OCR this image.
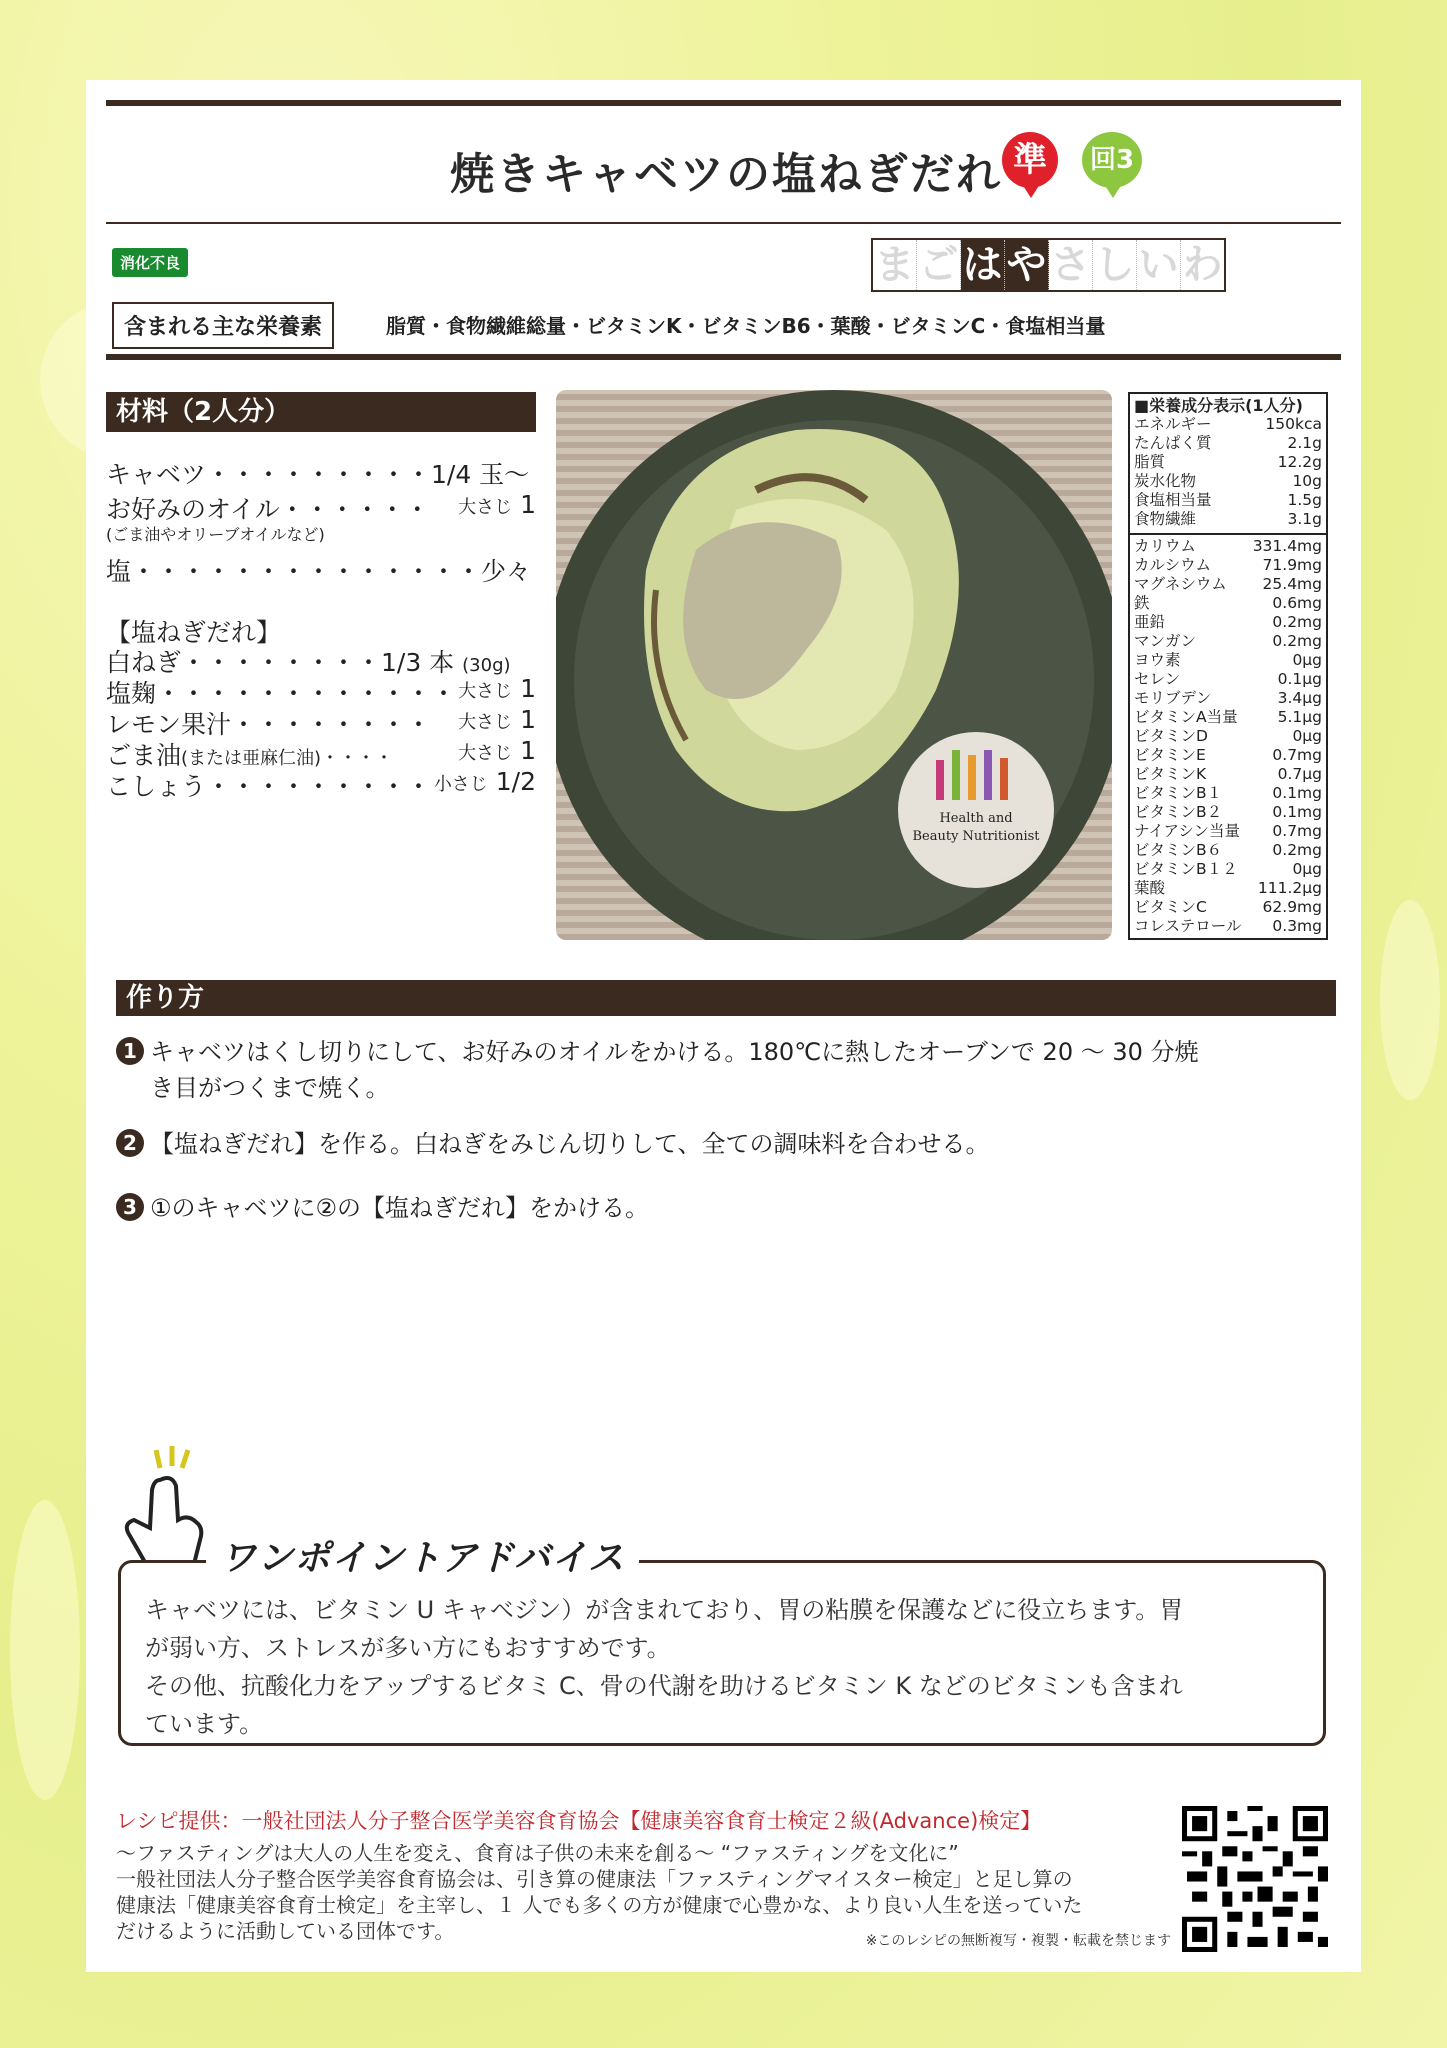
焼きキャベツの塩ねぎだれ 準	回3
消化不良	ま ご は や さ し い わ
含まれる主な栄養素	脂質・食物繊維総量・ビタミンK・ビタミンB6・葉酸・ビタミンC・食塩相当量
材料（2人分）
キャベツ・・・・・・・・・1/4 玉〜
お好みのオイル・・・・・・ 大さじ 1
(ごま油やオリーブオイルなど)
塩・・・・・・・・・・・・・・少々
【塩ねぎだれ】
白ねぎ・・・・・・・・1/3 本 (30g)
塩麹・・・・・・・・・・・・ 大さじ 1
レモン果汁・・・・・・・・ 大さじ 1
ごま油(または亜麻仁油)・・・・	大さじ 1
こしょう・・・・・・・・・ 小さじ 1/2
Health and
Beauty Nutritionist
■栄養成分表示(1人分)
エネルギー	150kca
たんぱく質	2.1g
脂質	12.2g
炭水化物	10g
食塩相当量	1.5g
食物繊維	3.1g
カリウム	331.4mg
カルシウム	71.9mg
マグネシウム 25.4mg
鉄	0.6mg
亜鉛	0.2mg
マンガン	0.2mg
ヨウ素	0μg
セレン	0.1μg
モリブデン	3.4μg
ビタミンA当量	5.1μg
ビタミンD	0μg
ビタミンE	0.7mg
ビタミンK	0.7μg
ビタミンB１	0.1mg
ビタミンB２	0.1mg
ナイアシン当量 0.7mg
ビタミンB６	0.2mg
ビタミンB１２	0μg
葉酸	111.2μg
ビタミンC	62.9mg
コレステロール 0.3mg
作り方
1 キャベツはくし切りにして、お好みのオイルをかける。180℃に熱したオーブンで 20 〜 30 分焼
き目がつくまで焼く。
2 【塩ねぎだれ】を作る。白ねぎをみじん切りして、全ての調味料を合わせる。
3 ①のキャベツに②の【塩ねぎだれ】をかける。
キャベツには、ビタミン U キャベジン）が含まれており、胃の粘膜を保護などに役立ちます。胃
が弱い方、ストレスが多い方にもおすすめです。
その他、抗酸化力をアップするビタミ C、骨の代謝を助けるビタミン K などのビタミンも含まれ
ています。
ワンポイントアドバイス
レシピ提供：一般社団法人分子整合医学美容食育協会【健康美容食育士検定２級(Advance)検定】
〜ファスティングは大人の人生を変え、食育は子供の未来を創る〜 “ファスティングを文化に”
一般社団法人分子整合医学美容食育協会は、引き算の健康法「ファスティングマイスター検定」と足し算の
健康法「健康美容食育士検定」を主宰し、１ 人でも多くの方が健康で心豊かな、より良い人生を送っていた
だけるように活動している団体です。	※このレシピの無断複写・複製・転載を禁じます
